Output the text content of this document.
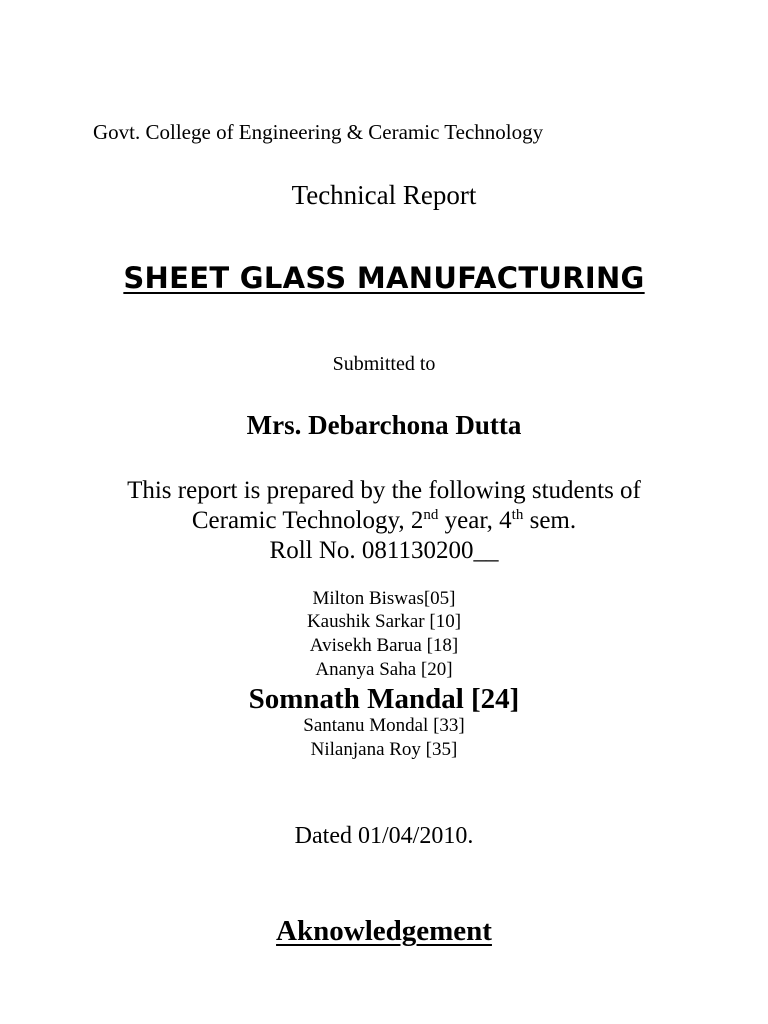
Govt. College of Engineering & Ceramic Technology
Technical Report
SHEET GLASS MANUFACTURING
Submitted to
Mrs. Debarchona Dutta
This report is prepared by the following students of
Ceramic Technology, 2nd year, 4th sem.
Roll No. 081130200__
Milton Biswas[05]
Kaushik Sarkar [10]
Avisekh Barua [18]
Ananya Saha [20]
Somnath Mandal [24]
Santanu Mondal [33]
Nilanjana Roy [35]
Dated 01/04/2010.
Aknowledgement
